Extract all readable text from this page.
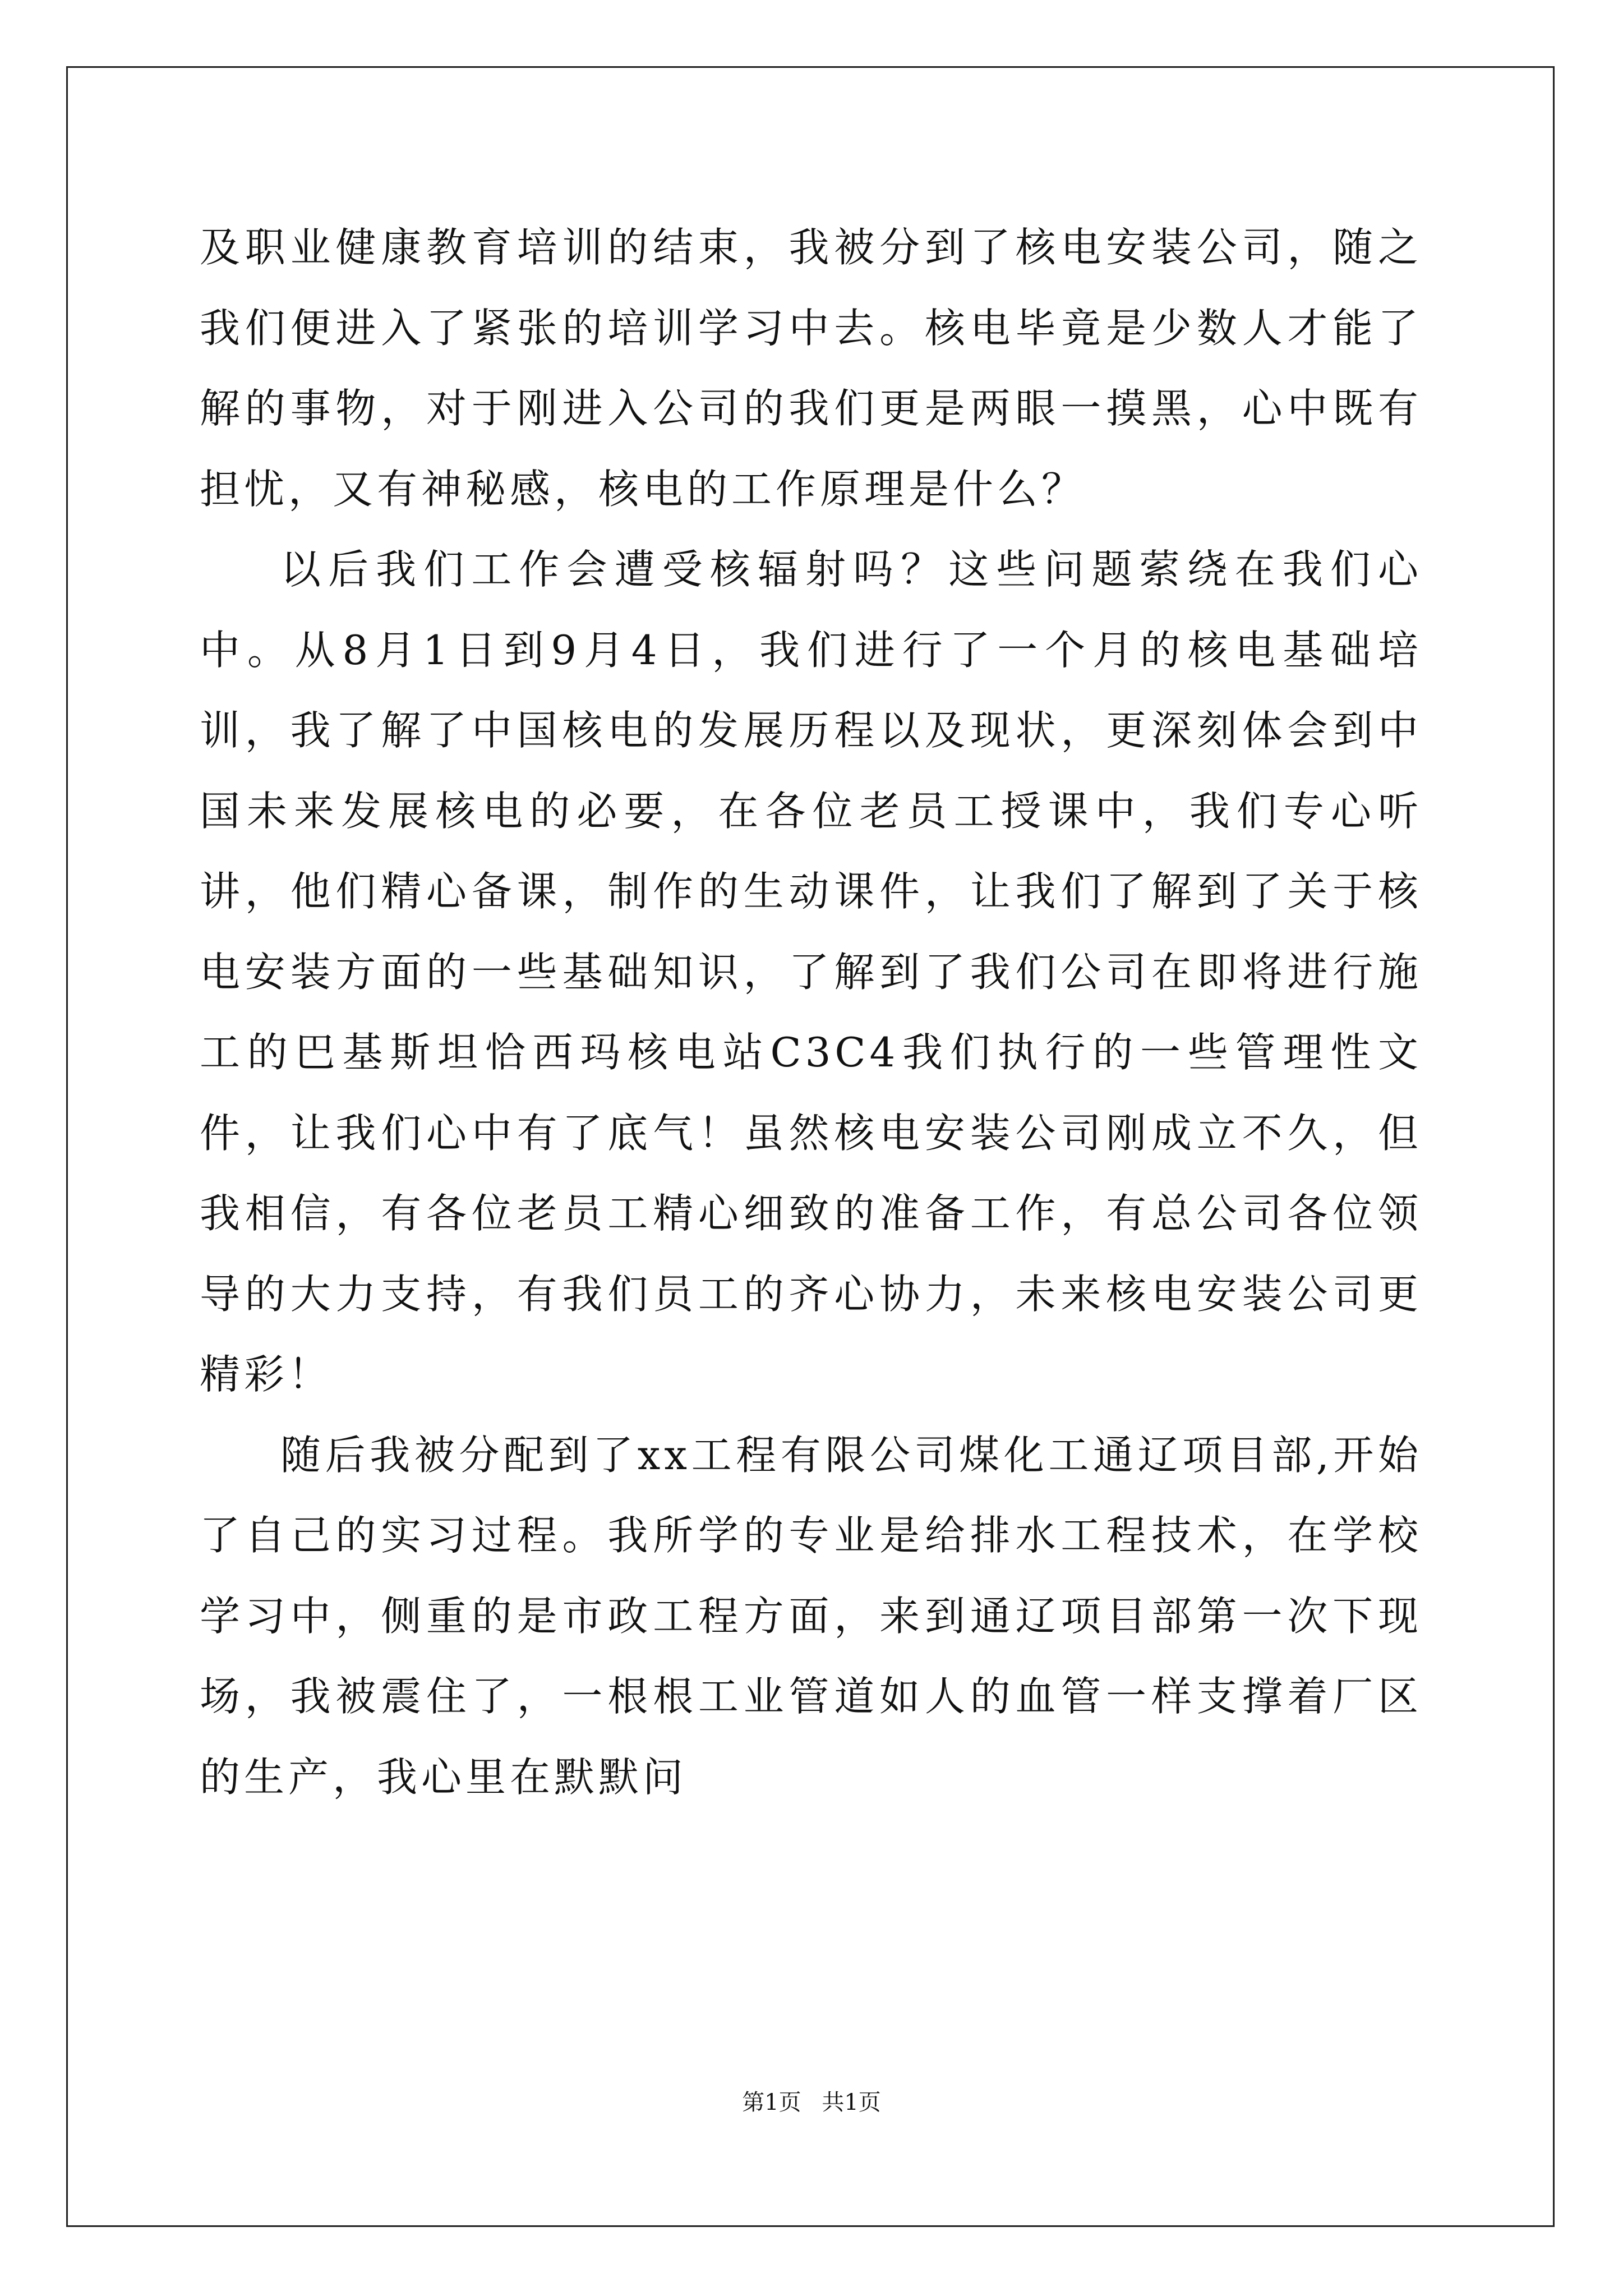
及职业健康教育培训的结束，我被分到了核电安装公司，随之我们便进入了紧张的培训学习中去。核电毕竟是少数人才能了解的事物，对于刚进入公司的我们更是两眼一摸黑，心中既有担忧，又有神秘感，核电的工作原理是什么？

以后我们工作会遭受核辐射吗？这些问题萦绕在我们心中。从8月1日到9月4日，我们进行了一个月的核电基础培训，我了解了中国核电的发展历程以及现状，更深刻体会到中国未来发展核电的必要，在各位老员工授课中，我们专心听讲，他们精心备课，制作的生动课件，让我们了解到了关于核电安装方面的一些基础知识，了解到了我们公司在即将进行施工的巴基斯坦恰西玛核电站C3C4我们执行的一些管理性文件，让我们心中有了底气！虽然核电安装公司刚成立不久，但我相信，有各位老员工精心细致的准备工作，有总公司各位领导的大力支持，有我们员工的齐心协力，未来核电安装公司更精彩！

随后我被分配到了xx工程有限公司煤化工通辽项目部,开始了自己的实习过程。我所学的专业是给排水工程技术，在学校学习中，侧重的是市政工程方面，来到通辽项目部第一次下现场，我被震住了，一根根工业管道如人的血管一样支撑着厂区的生产，我心里在默默问

第1页 共1页
